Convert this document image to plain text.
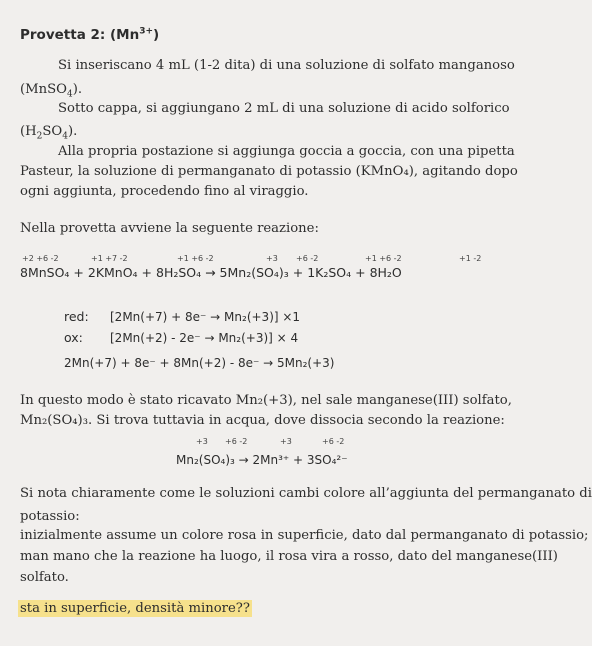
Provetta 2: $(Mn^{3+})$
Si inseriscano 4 mL (1-2 dita) di una soluzione di solfato manganoso
(MnSO$_4$).
Sotto cappa, si aggiungano 2 mL di una soluzione di acido solforico
$(H_2SO_4)$.
Alla propria postazione si aggiunga goccia a goccia, con una pipetta
Pasteur, la soluzione di permanganato di potassio (KMnO₄), agitando dopo
ogni aggiunta, procedendo fino al viraggio.
Nella provetta avviene la seguente reazione:
+2 +6 -2	+1 +7 -2	+1 +6 -2	+3 +6 -2	+1 +6 -2	+1 -2
8MnSO₄ + 2KMnO₄ + 8H₂SO₄ → 5Mn₂(SO₄)₃ + 1K₂SO₄ + 8H₂O
red: [2Mn(+7) + 8e⁻ → Mn₂(+3)] ×1
ox: [2Mn(+2) - 2e⁻ → Mn₂(+3)] × 4
2Mn(+7) + 8e⁻ + 8Mn(+2) - 8e⁻ → 5Mn₂(+3)
In questo modo è stato ricavato Mn₂(+3), nel sale manganese(III) solfato,
Mn₂(SO₄)₃. Si trova tuttavia in acqua, dove dissocia secondo la reazione:
+3 +6 -2	+3	+6 -2
Mn₂(SO₄)₃ → 2Mn³⁺ + 3SO₄²⁻
Si nota chiaramente come le soluzioni cambi colore all’aggiunta del permanganato di
potassio:
inizialmente assume un colore rosa in superficie, dato dal permanganato di potassio;
man mano che la reazione ha luogo, il rosa vira a rosso, dato del manganese(III)
solfato.
sta in superficie, densità minore??
